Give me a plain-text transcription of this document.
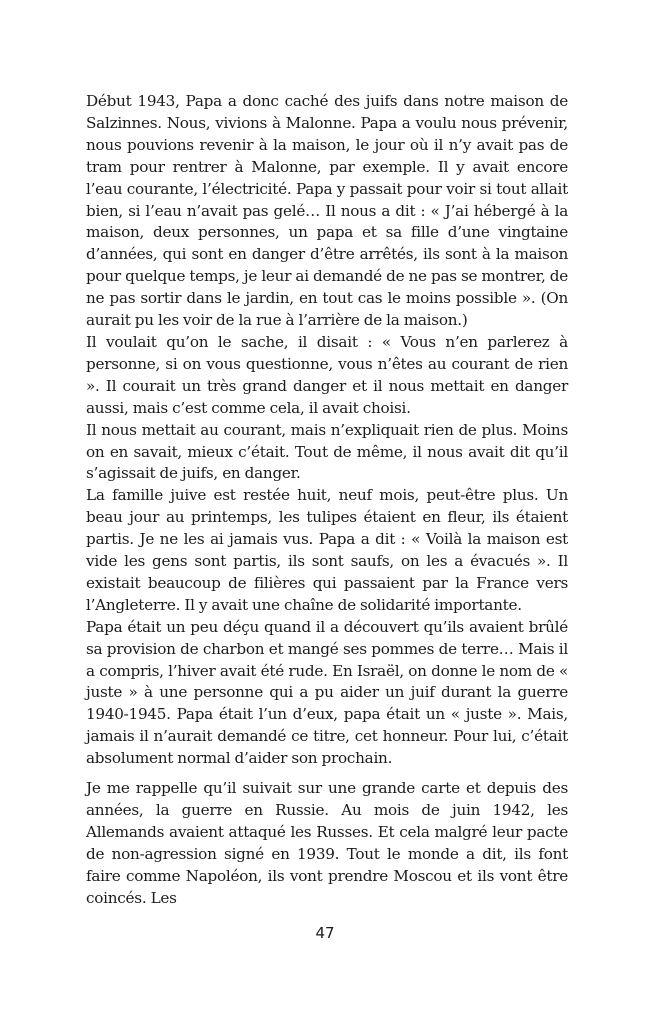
Début 1943, Papa a donc caché des juifs dans notre maison de Salzinnes. Nous, vivions à Malonne. Papa a voulu nous prévenir, nous pouvions revenir à la maison, le jour où il n’y avait pas de tram pour rentrer à Malonne, par exemple. Il y avait encore l’eau courante, l’électricité. Papa y passait pour voir si tout allait bien, si l’eau n’avait pas gelé… Il nous a dit : « J’ai hébergé à la maison, deux personnes, un papa et sa fille d’une vingtaine d’années, qui sont en danger d’être arrêtés, ils sont à la maison pour quelque temps, je leur ai demandé de ne pas se montrer, de ne pas sortir dans le jardin, en tout cas le moins possible ». (On aurait pu les voir de la rue à l’arrière de la maison.)

Il voulait qu’on le sache, il disait : « Vous n’en parlerez à personne, si on vous questionne, vous n’êtes au courant de rien ». Il courait un très grand danger et il nous mettait en danger aussi, mais c’est comme cela, il avait choisi.

Il nous mettait au courant, mais n’expliquait rien de plus. Moins on en savait, mieux c’était. Tout de même, il nous avait dit qu’il s’agissait de juifs, en danger.

La famille juive est restée huit, neuf mois, peut-être plus. Un beau jour au printemps, les tulipes étaient en fleur, ils étaient partis. Je ne les ai jamais vus. Papa a dit : « Voilà la maison est vide les gens sont partis, ils sont saufs, on les a évacués ». Il existait beaucoup de filières qui passaient par la France vers l’Angleterre. Il y avait une chaîne de solidarité importante.

Papa était un peu déçu quand il a découvert qu’ils avaient brûlé sa provision de charbon et mangé ses pommes de terre… Mais il a compris, l’hiver avait été rude. En Israël, on donne le nom de « juste » à une personne qui a pu aider un juif durant la guerre 1940-1945. Papa était l’un d’eux, papa était un « juste ». Mais, jamais il n’aurait demandé ce titre, cet honneur. Pour lui, c’était absolument normal d’aider son prochain.

Je me rappelle qu’il suivait sur une grande carte et depuis des années, la guerre en Russie. Au mois de juin 1942, les Allemands avaient attaqué les Russes. Et cela malgré leur pacte de non-agression signé en 1939. Tout le monde a dit, ils font faire comme Napoléon, ils vont prendre Moscou et ils vont être coincés. Les

47
